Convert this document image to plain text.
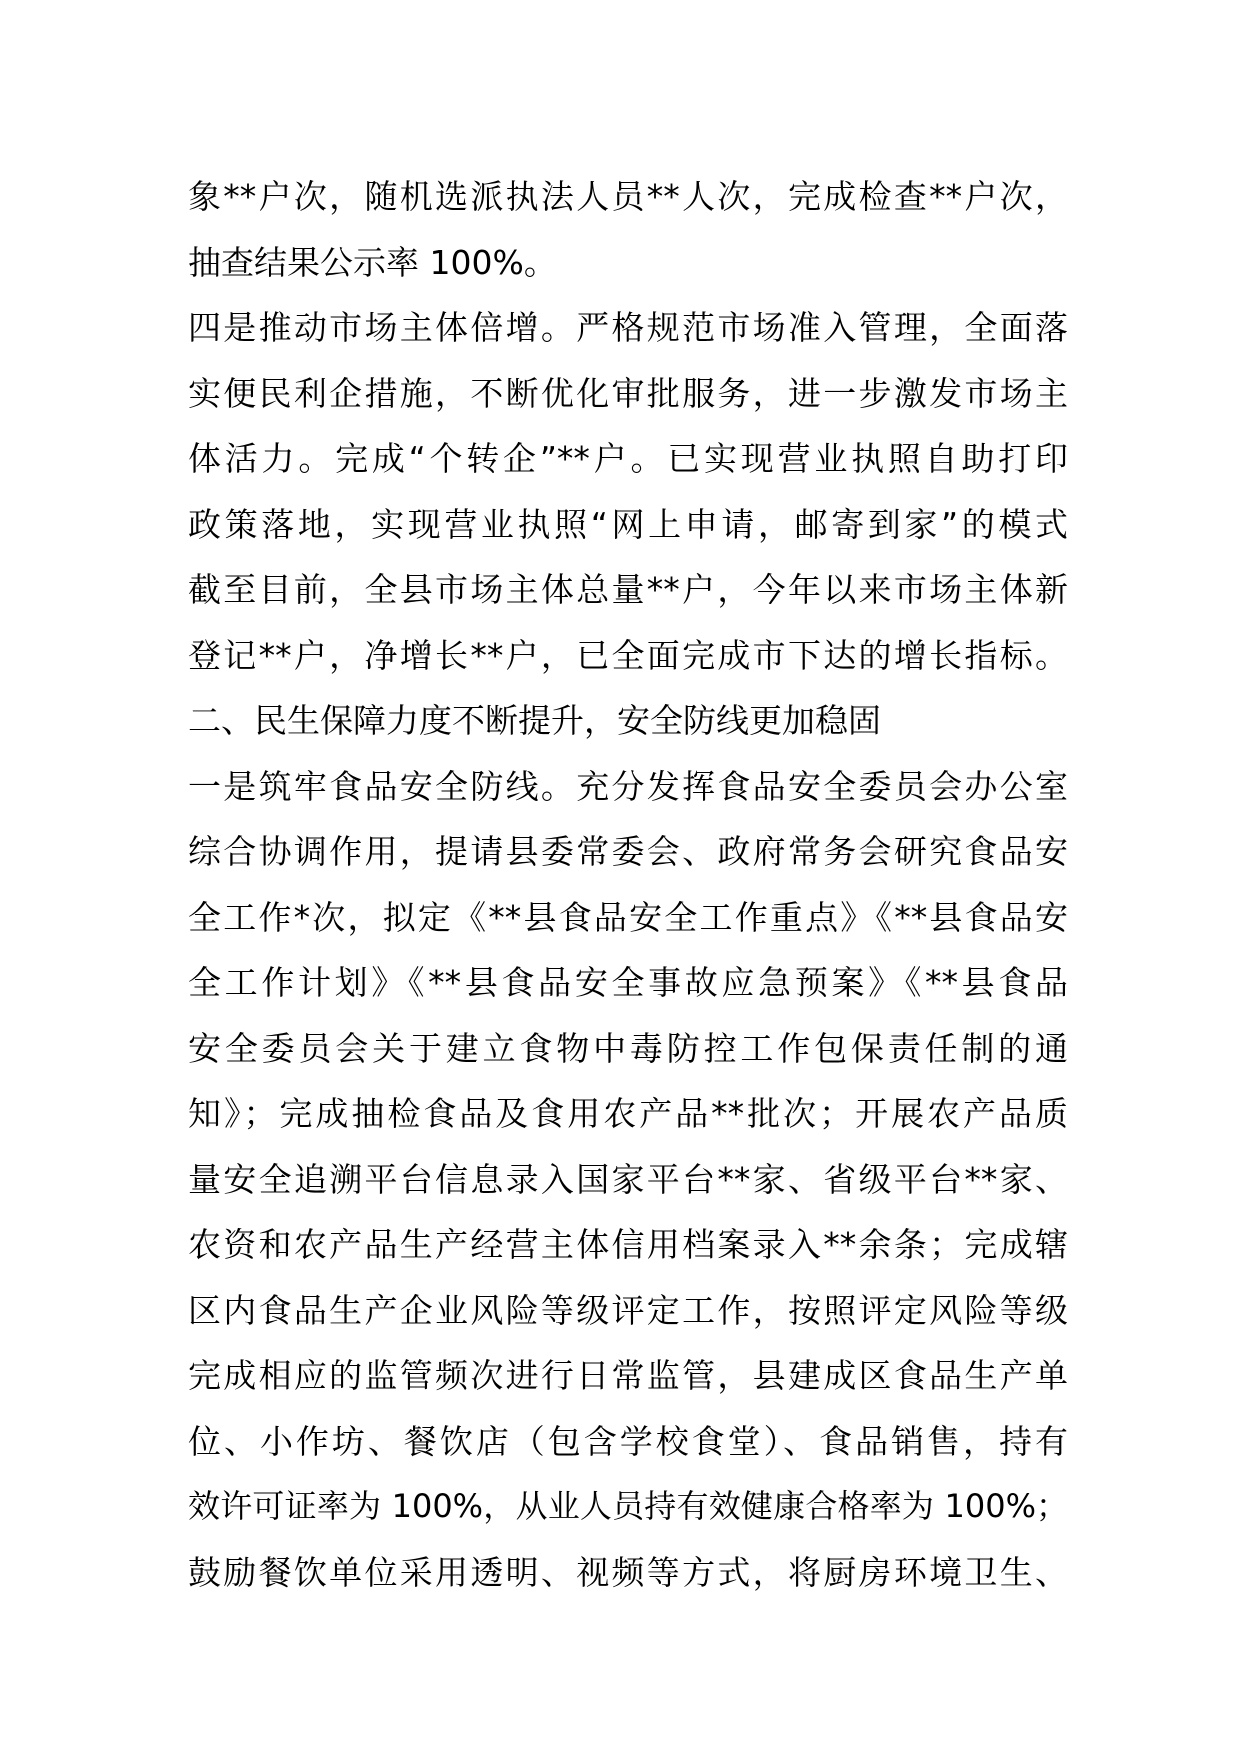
象**户次，随机选派执法人员**人次，完成检查**户次，
抽查结果公示率 100%。
四是推动市场主体倍增。严格规范市场准入管理，全面落
实便民利企措施，不断优化审批服务，进一步激发市场主
体活力。完成“个转企”**户。已实现营业执照自助打印
政策落地，实现营业执照“网上申请，邮寄到家”的模式
截至目前，全县市场主体总量**户，今年以来市场主体新
登记**户，净增长**户，已全面完成市下达的增长指标。
二、民生保障力度不断提升，安全防线更加稳固
一是筑牢食品安全防线。充分发挥食品安全委员会办公室
综合协调作用，提请县委常委会、政府常务会研究食品安
全工作*次，拟定《**县食品安全工作重点》《**县食品安
全工作计划》《**县食品安全事故应急预案》《**县食品
安全委员会关于建立食物中毒防控工作包保责任制的通
知》；完成抽检食品及食用农产品**批次；开展农产品质
量安全追溯平台信息录入国家平台**家、省级平台**家、
农资和农产品生产经营主体信用档案录入**余条；完成辖
区内食品生产企业风险等级评定工作，按照评定风险等级
完成相应的监管频次进行日常监管，县建成区食品生产单
位、小作坊、餐饮店（包含学校食堂）、食品销售，持有
效许可证率为 100%，从业人员持有效健康合格率为 100%；
鼓励餐饮单位采用透明、视频等方式，将厨房环境卫生、
